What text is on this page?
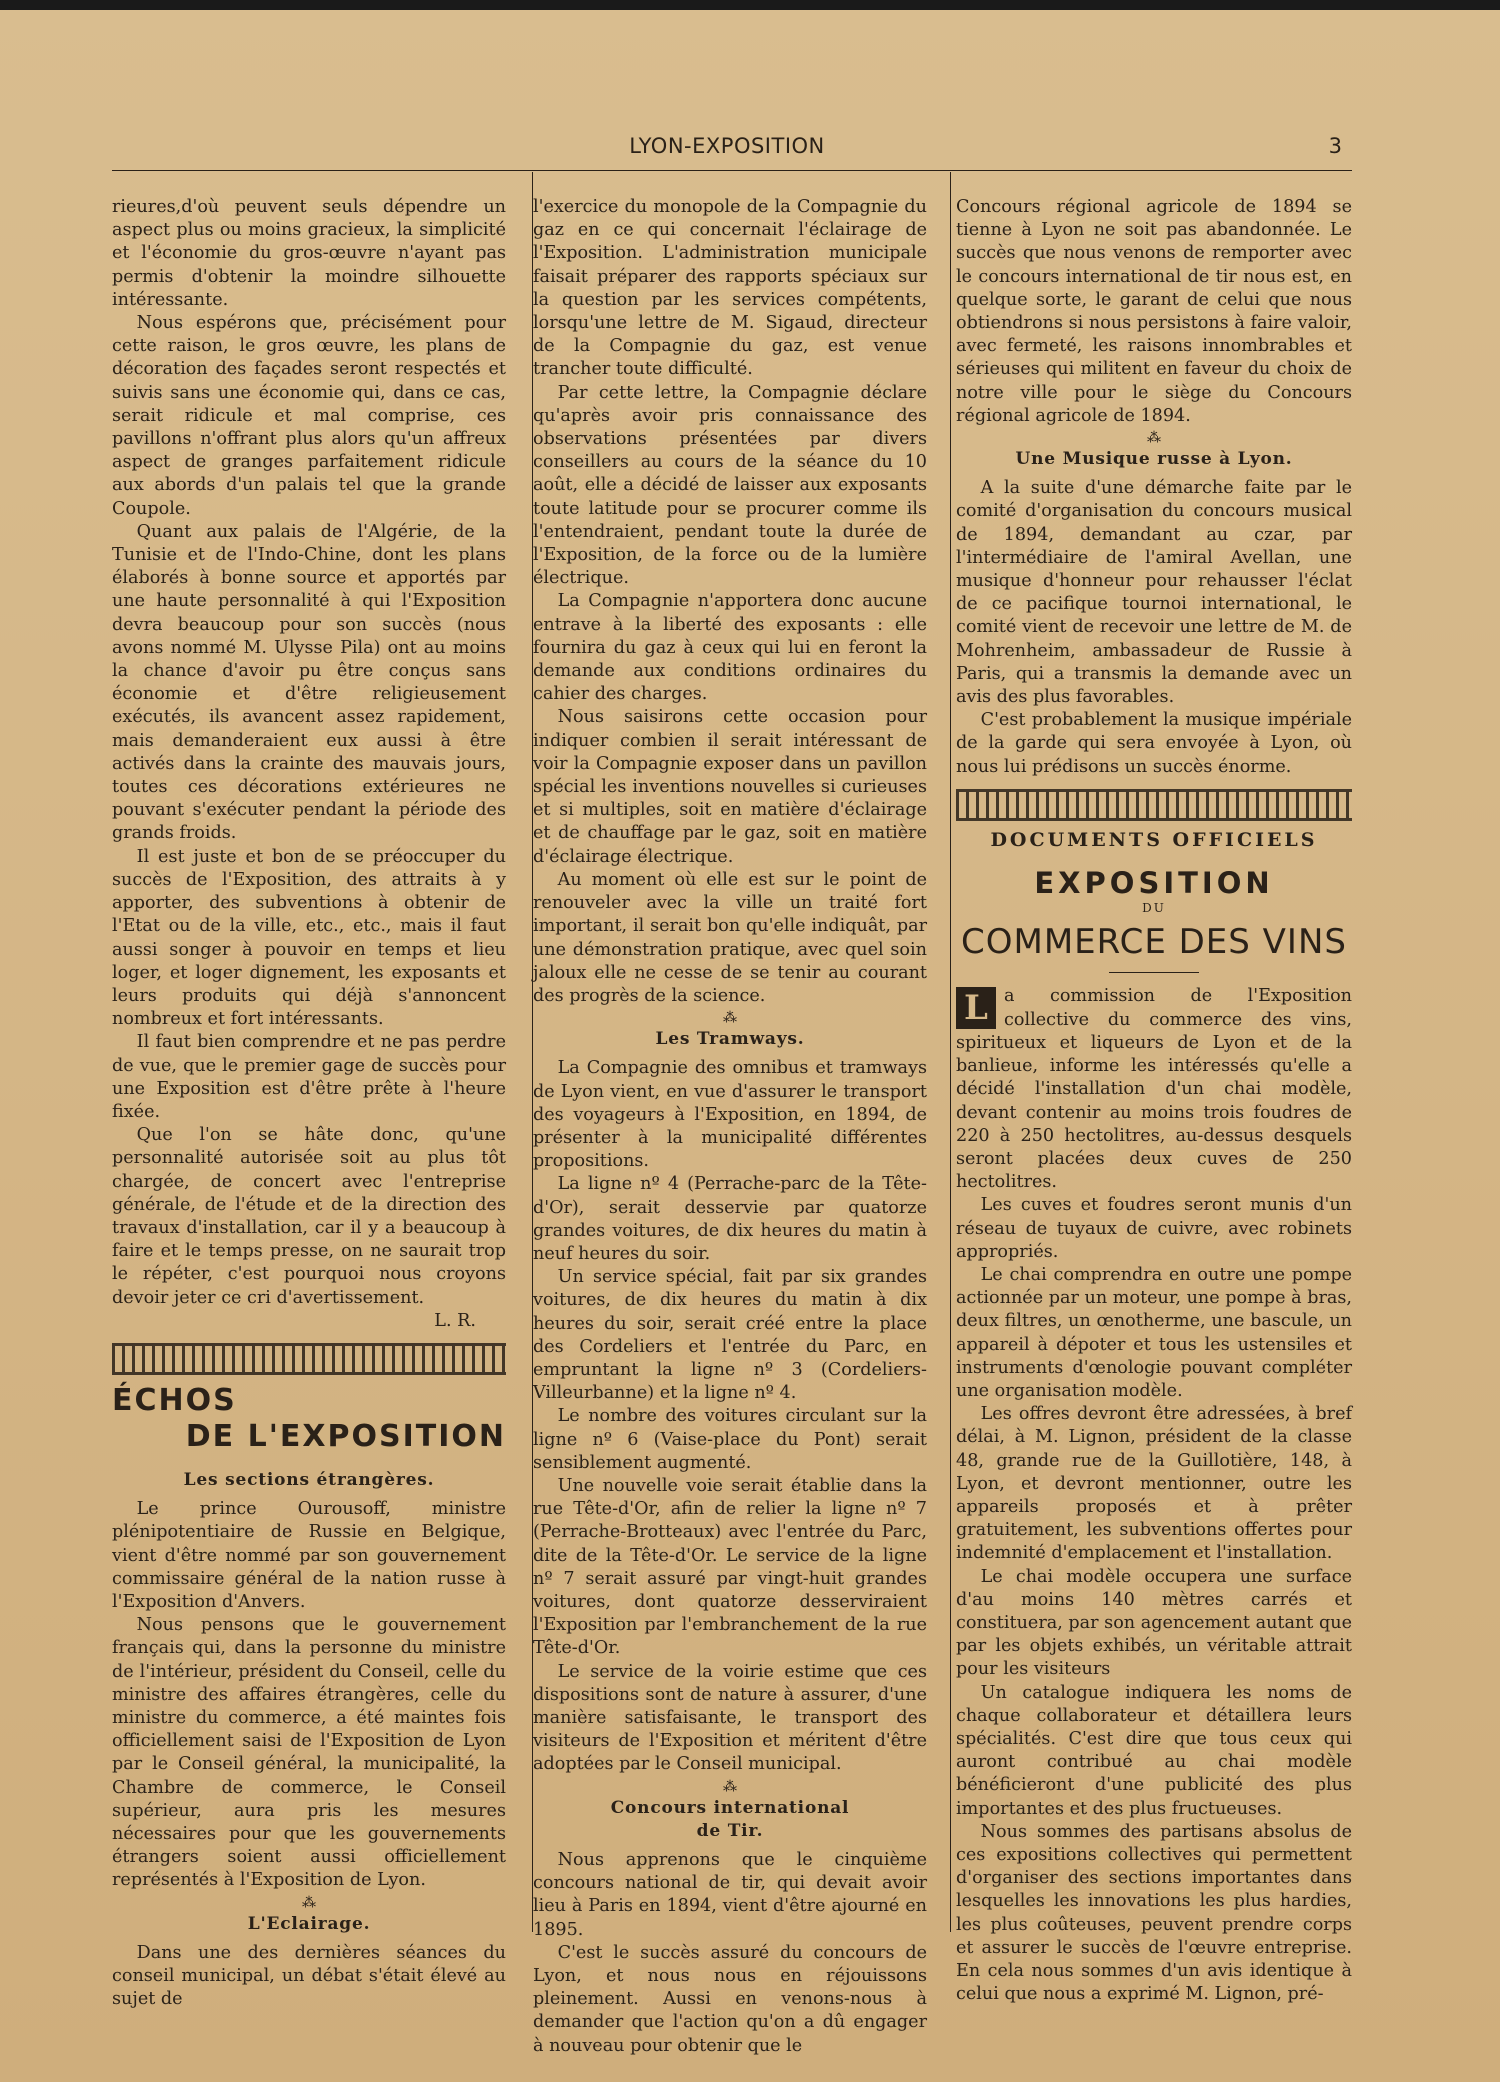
LYON-EXPOSITION	3

rieures,d'où peuvent seuls dépendre un aspect plus ou moins gracieux, la simplicité et l'économie du gros-œuvre n'ayant pas permis d'obtenir la moindre silhouette intéressante.

Nous espérons que, précisément pour cette raison, le gros œuvre, les plans de décoration des façades seront respectés et suivis sans une économie qui, dans ce cas, serait ridicule et mal comprise, ces pavillons n'offrant plus alors qu'un affreux aspect de granges parfaitement ridicule aux abords d'un palais tel que la grande Coupole.

Quant aux palais de l'Algérie, de la Tunisie et de l'Indo-Chine, dont les plans élaborés à bonne source et apportés par une haute personnalité à qui l'Exposition devra beaucoup pour son succès (nous avons nommé M. Ulysse Pila) ont au moins la chance d'avoir pu être conçus sans économie et d'être religieusement exécutés, ils avancent assez rapidement, mais demanderaient eux aussi à être activés dans la crainte des mauvais jours, toutes ces décorations extérieures ne pouvant s'exécuter pendant la période des grands froids.

Il est juste et bon de se préoccuper du succès de l'Exposition, des attraits à y apporter, des subventions à obtenir de l'Etat ou de la ville, etc., etc., mais il faut aussi songer à pouvoir en temps et lieu loger, et loger dignement, les exposants et leurs produits qui déjà s'annoncent nombreux et fort intéressants.

Il faut bien comprendre et ne pas perdre de vue, que le premier gage de succès pour une Exposition est d'être prête à l'heure fixée.

Que l'on se hâte donc, qu'une personnalité autorisée soit au plus tôt chargée, de concert avec l'entreprise générale, de l'étude et de la direction des travaux d'installation, car il y a beaucoup à faire et le temps presse, on ne saurait trop le répéter, c'est pourquoi nous croyons devoir jeter ce cri d'avertissement.

L. R.
ÉCHOS
DE L'EXPOSITION
Les sections étrangères.

Le prince Ourousoff, ministre plénipotentiaire de Russie en Belgique, vient d'être nommé par son gouvernement commissaire général de la nation russe à l'Exposition d'Anvers.

Nous pensons que le gouvernement français qui, dans la personne du ministre de l'intérieur, président du Conseil, celle du ministre des affaires étrangères, celle du ministre du commerce, a été maintes fois officiellement saisi de l'Exposition de Lyon par le Conseil général, la municipalité, la Chambre de commerce, le Conseil supérieur, aura pris les mesures nécessaires pour que les gouvernements étrangers soient aussi officiellement représentés à l'Exposition de Lyon.

⁂
L'Eclairage.

Dans une des dernières séances du conseil municipal, un débat s'était élevé au sujet de

l'exercice du monopole de la Compagnie du gaz en ce qui concernait l'éclairage de l'Exposition. L'administration municipale faisait préparer des rapports spéciaux sur la question par les services compétents, lorsqu'une lettre de M. Sigaud, directeur de la Compagnie du gaz, est venue trancher toute difficulté.

Par cette lettre, la Compagnie déclare qu'après avoir pris connaissance des observations présentées par divers conseillers au cours de la séance du 10 août, elle a décidé de laisser aux exposants toute latitude pour se procurer comme ils l'entendraient, pendant toute la durée de l'Exposition, de la force ou de la lumière électrique.

La Compagnie n'apportera donc aucune entrave à la liberté des exposants : elle fournira du gaz à ceux qui lui en feront la demande aux conditions ordinaires du cahier des charges.

Nous saisirons cette occasion pour indiquer combien il serait intéressant de voir la Compagnie exposer dans un pavillon spécial les inventions nouvelles si curieuses et si multiples, soit en matière d'éclairage et de chauffage par le gaz, soit en matière d'éclairage électrique.

Au moment où elle est sur le point de renouveler avec la ville un traité fort important, il serait bon qu'elle indiquât, par une démonstration pratique, avec quel soin jaloux elle ne cesse de se tenir au courant des progrès de la science.

⁂
Les Tramways.

La Compagnie des omnibus et tramways de Lyon vient, en vue d'assurer le transport des voyageurs à l'Exposition, en 1894, de présenter à la municipalité différentes propositions.

La ligne nº 4 (Perrache-parc de la Tête-d'Or), serait desservie par quatorze grandes voitures, de dix heures du matin à neuf heures du soir.

Un service spécial, fait par six grandes voitures, de dix heures du matin à dix heures du soir, serait créé entre la place des Cordeliers et l'entrée du Parc, en empruntant la ligne nº 3 (Cordeliers-Villeurbanne) et la ligne nº 4.

Le nombre des voitures circulant sur la ligne nº 6 (Vaise-place du Pont) serait sensiblement augmenté.

Une nouvelle voie serait établie dans la rue Tête-d'Or, afin de relier la ligne nº 7 (Perrache-Brotteaux) avec l'entrée du Parc, dite de la Tête-d'Or. Le service de la ligne nº 7 serait assuré par vingt-huit grandes voitures, dont quatorze desserviraient l'Exposition par l'embranchement de la rue Tête-d'Or.

Le service de la voirie estime que ces dispositions sont de nature à assurer, d'une manière satisfaisante, le transport des visiteurs de l'Exposition et méritent d'être adoptées par le Conseil municipal.

⁂
Concours international
de Tir.

Nous apprenons que le cinquième concours national de tir, qui devait avoir lieu à Paris en 1894, vient d'être ajourné en 1895.

C'est le succès assuré du concours de Lyon, et nous nous en réjouissons pleinement. Aussi en venons-nous à demander que l'action qu'on a dû engager à nouveau pour obtenir que le

Concours régional agricole de 1894 se tienne à Lyon ne soit pas abandonnée. Le succès que nous venons de remporter avec le concours international de tir nous est, en quelque sorte, le garant de celui que nous obtiendrons si nous persistons à faire valoir, avec fermeté, les raisons innombrables et sérieuses qui militent en faveur du choix de notre ville pour le siège du Concours régional agricole de 1894.

⁂
Une Musique russe à Lyon.

A la suite d'une démarche faite par le comité d'organisation du concours musical de 1894, demandant au czar, par l'intermédiaire de l'amiral Avellan, une musique d'honneur pour rehausser l'éclat de ce pacifique tournoi international, le comité vient de recevoir une lettre de M. de Mohrenheim, ambassadeur de Russie à Paris, qui a transmis la demande avec un avis des plus favorables.

C'est probablement la musique impériale de la garde qui sera envoyée à Lyon, où nous lui prédisons un succès énorme.

DOCUMENTS OFFICIELS
EXPOSITION
DU
COMMERCE DES VINS
L a commission de l'Exposition collective du commerce des vins, spiritueux et liqueurs de Lyon et de la banlieue, informe les intéressés qu'elle a décidé l'installation d'un chai modèle, devant contenir au moins trois foudres de 220 à 250 hectolitres, au-dessus desquels seront placées deux cuves de 250 hectolitres.

Les cuves et foudres seront munis d'un réseau de tuyaux de cuivre, avec robinets appropriés.

Le chai comprendra en outre une pompe actionnée par un moteur, une pompe à bras, deux filtres, un œnotherme, une bascule, un appareil à dépoter et tous les ustensiles et instruments d'œnologie pouvant compléter une organisation modèle.

Les offres devront être adressées, à bref délai, à M. Lignon, président de la classe 48, grande rue de la Guillotière, 148, à Lyon, et devront mentionner, outre les appareils proposés et à prêter gratuitement, les subventions offertes pour indemnité d'emplacement et l'installation.

Le chai modèle occupera une surface d'au moins 140 mètres carrés et constituera, par son agencement autant que par les objets exhibés, un véritable attrait pour les visiteurs

Un catalogue indiquera les noms de chaque collaborateur et détaillera leurs spécialités. C'est dire que tous ceux qui auront contribué au chai modèle bénéficieront d'une publicité des plus importantes et des plus fructueuses.

Nous sommes des partisans absolus de ces expositions collectives qui permettent d'organiser des sections importantes dans lesquelles les innovations les plus hardies, les plus coûteuses, peuvent prendre corps et assurer le succès de l'œuvre entreprise. En cela nous sommes d'un avis identique à celui que nous a exprimé M. Lignon, pré-
